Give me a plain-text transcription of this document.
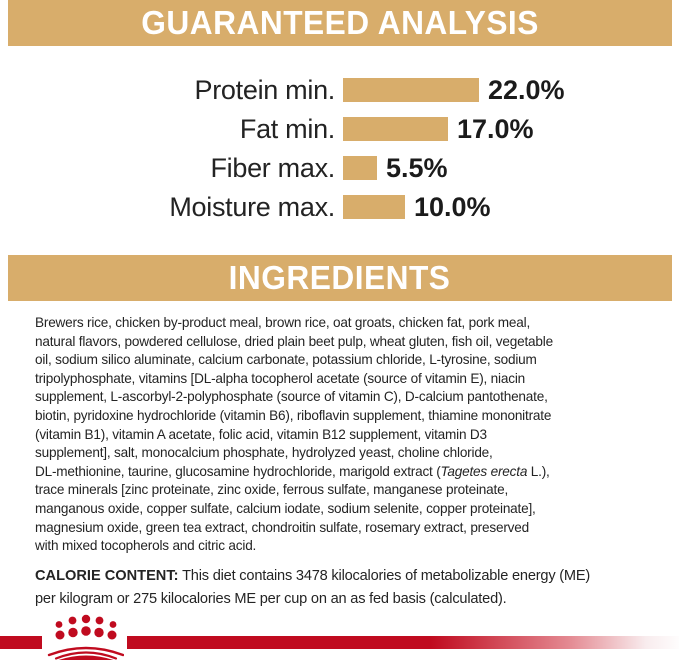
GUARANTEED ANALYSIS
Protein min.	22.0%
Fat min.	17.0%
Fiber max. 5.5%
Moisture max.	10.0%
INGREDIENTS
Brewers rice, chicken by-product meal, brown rice, oat groats, chicken fat, pork meal,
natural flavors, powdered cellulose, dried plain beet pulp, wheat gluten, fish oil, vegetable
oil, sodium silico aluminate, calcium carbonate, potassium chloride, L-tyrosine, sodium
tripolyphosphate, vitamins [DL-alpha tocopherol acetate (source of vitamin E), niacin
supplement, L-ascorbyl-2-polyphosphate (source of vitamin C), D-calcium pantothenate,
biotin, pyridoxine hydrochloride (vitamin B6), riboflavin supplement, thiamine mononitrate
(vitamin B1), vitamin A acetate, folic acid, vitamin B12 supplement, vitamin D3
supplement], salt, monocalcium phosphate, hydrolyzed yeast, choline chloride,
DL-methionine, taurine, glucosamine hydrochloride, marigold extract (Tagetes erecta L.),
trace minerals [zinc proteinate, zinc oxide, ferrous sulfate, manganese proteinate,
manganous oxide, copper sulfate, calcium iodate, sodium selenite, copper proteinate],
magnesium oxide, green tea extract, chondroitin sulfate, rosemary extract, preserved
with mixed tocopherols and citric acid.
CALORIE CONTENT: This diet contains 3478 kilocalories of metabolizable energy (ME)
per kilogram or 275 kilocalories ME per cup on an as fed basis (calculated).
